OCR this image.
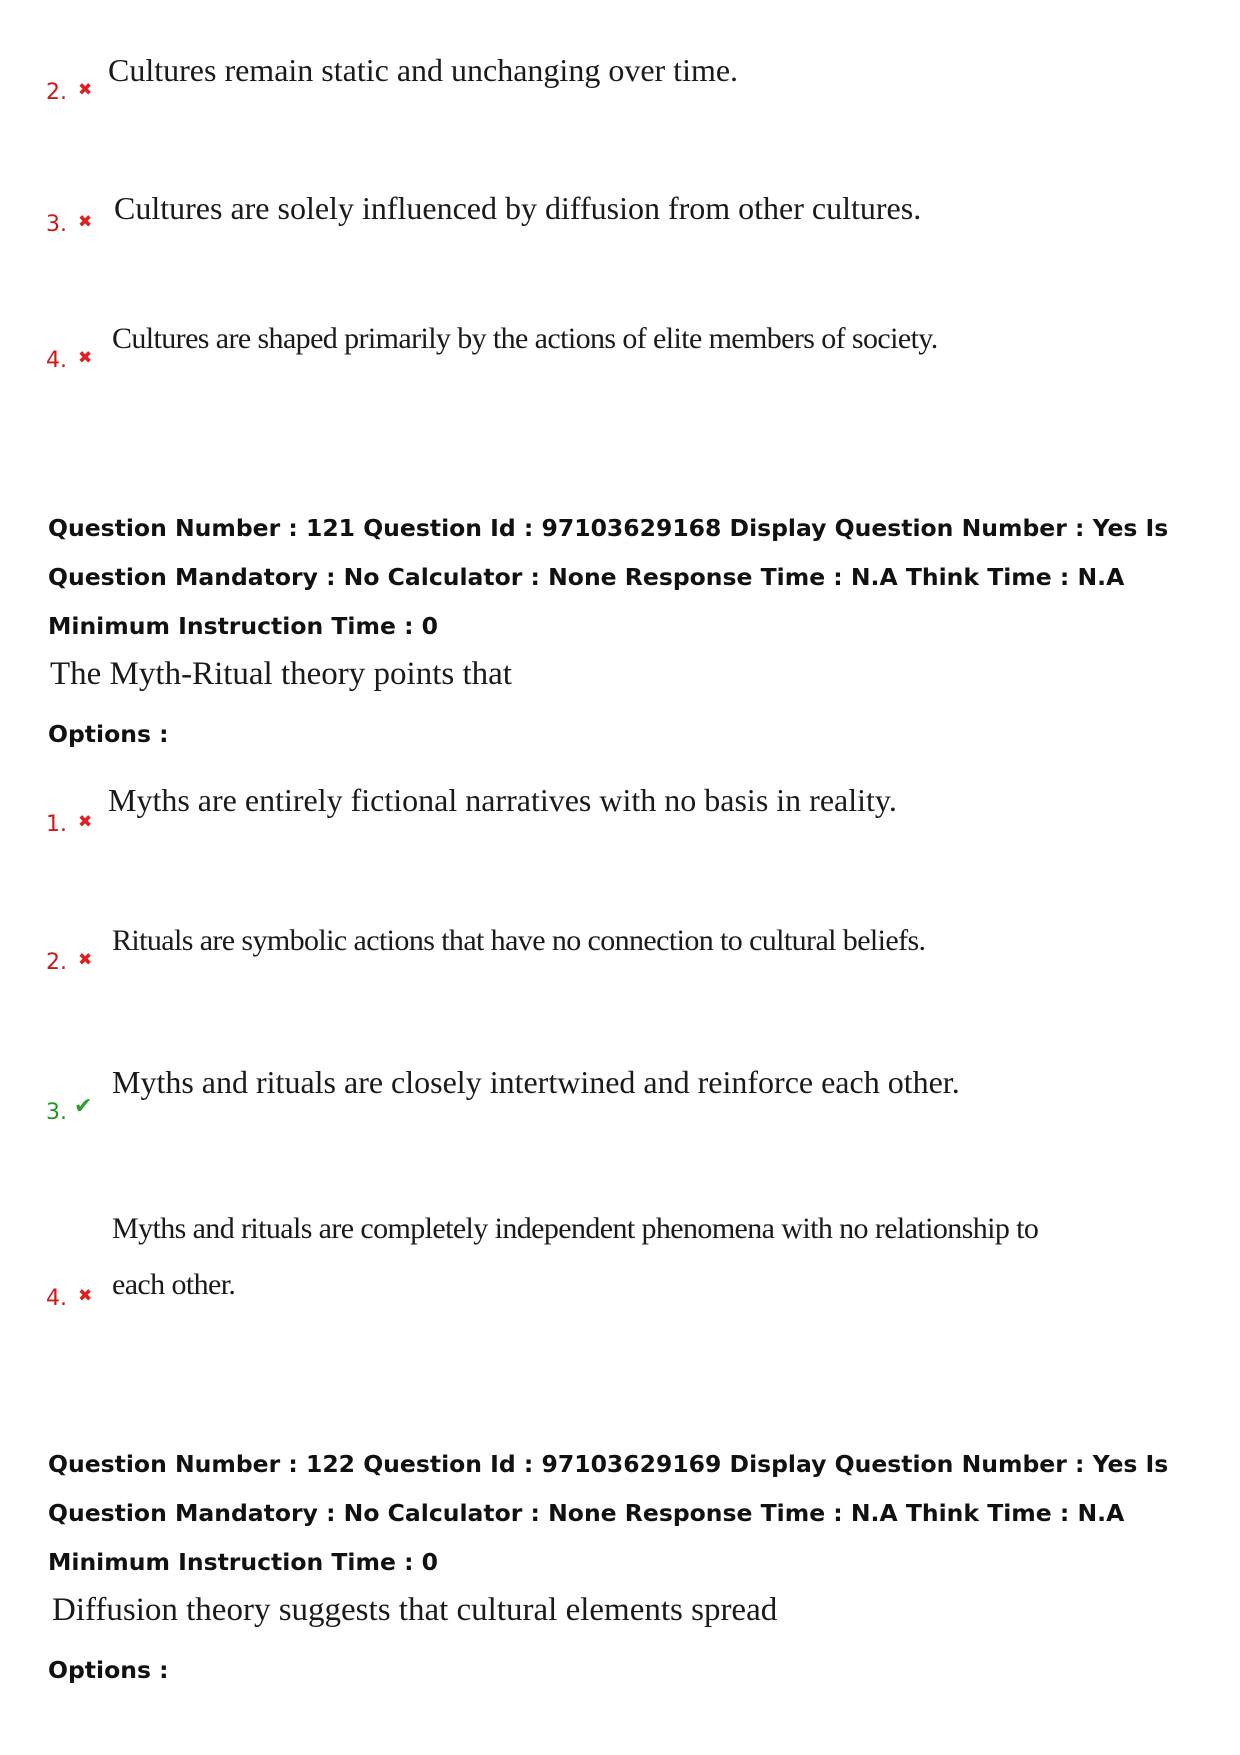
2. ✖
Cultures remain static and unchanging over time.
3. ✖ Cultures are solely influenced by diffusion from other cultures.
4. ✖
Cultures are shaped primarily by the actions of elite members of society.
Question Number : 121 Question Id : 97103629168 Display Question Number : Yes Is Question Mandatory : No Calculator : None Response Time : N.A Think Time : N.A Minimum Instruction Time : 0
The Myth-Ritual theory points that
Options :
1. ✖
Myths are entirely fictional narratives with no basis in reality.
2. ✖
Rituals are symbolic actions that have no connection to cultural beliefs.
3. ✔
Myths and rituals are closely intertwined and reinforce each other.
Myths and rituals are completely independent phenomena with no relationship to
4. ✖ each other.
Question Number : 122 Question Id : 97103629169 Display Question Number : Yes Is Question Mandatory : No Calculator : None Response Time : N.A Think Time : N.A Minimum Instruction Time : 0
Diffusion theory suggests that cultural elements spread
Options :
